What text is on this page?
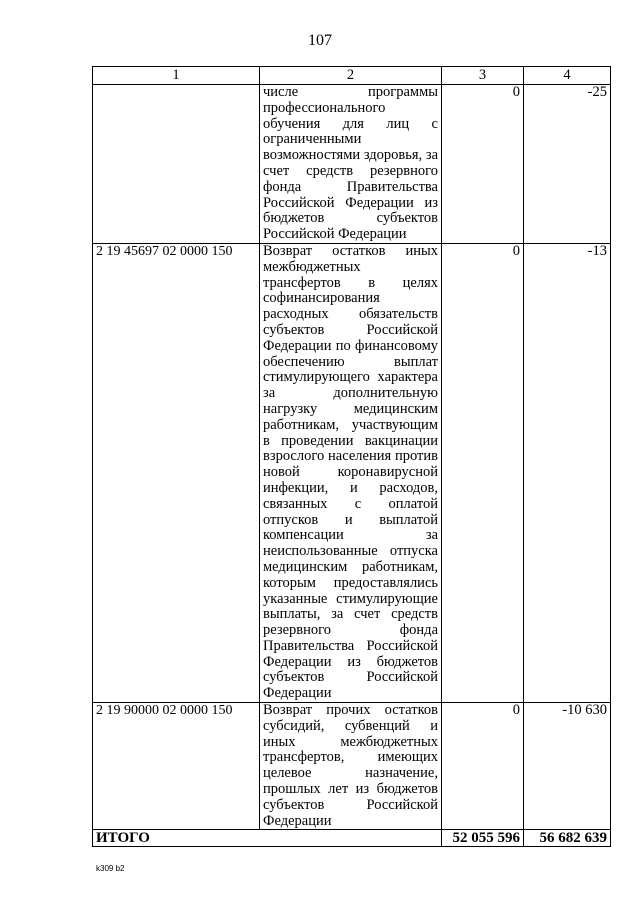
107
1	2	3	4
	числе программы профессионального обучения для лиц с ограниченными возможностями здоровья, за счет средств резервного фонда Правительства Российской Федерации из бюджетов субъектов Российской Федерации	0	-25
2 19 45697 02 0000 150	Возврат остатков иных межбюджетных трансфертов в целях софинансирования расходных обязательств субъектов Российской Федерации по финансовому обеспечению выплат стимулирующего характера за дополнительную нагрузку медицинским работникам, участвующим в проведении вакцинации взрослого населения против новой коронавирусной инфекции, и расходов, связанных с оплатой отпусков и выплатой компенсации за неиспользованные отпуска медицинским работникам, которым предоставлялись указанные стимулирующие выплаты, за счет средств резервного фонда Правительства Российской Федерации из бюджетов субъектов Российской Федерации	0	-13
2 19 90000 02 0000 150	Возврат прочих остатков субсидий, субвенций и иных межбюджетных трансфертов, имеющих целевое назначение, прошлых лет из бюджетов субъектов Российской Федерации	0	-10 630
ИТОГО		52 055 596	56 682 639
k309 b2
